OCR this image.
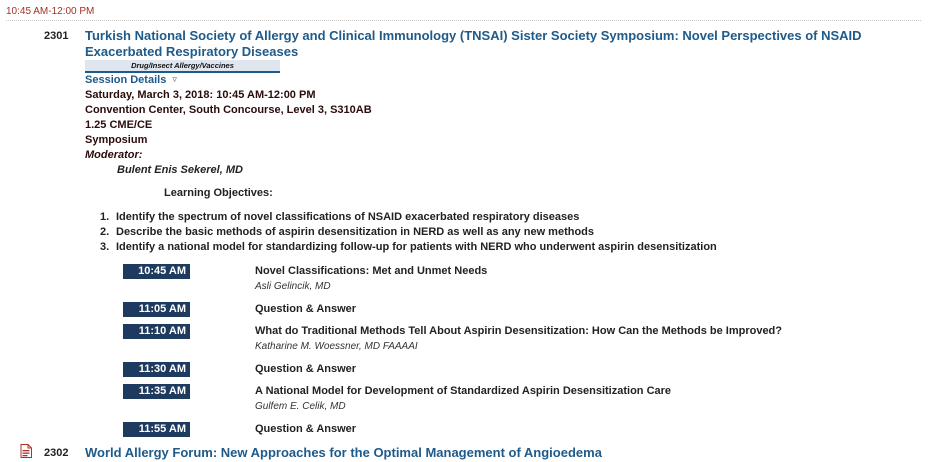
10:45 AM-12:00 PM
2301 Turkish National Society of Allergy and Clinical Immunology (TNSAI) Sister Society Symposium: Novel Perspectives of NSAID
Exacerbated Respiratory Diseases
Drug/Insect Allergy/Vaccines
Session Details ▿
Saturday, March 3, 2018: 10:45 AM-12:00 PM
Convention Center, South Concourse, Level 3, S310AB
1.25 CME/CE
Symposium
Moderator:
Bulent Enis Sekerel, MD
Learning Objectives:
1. Identify the spectrum of novel classifications of NSAID exacerbated respiratory diseases
2. Describe the basic methods of aspirin desensitization in NERD as well as any new methods
3. Identify a national model for standardizing follow-up for patients with NERD who underwent aspirin desensitization
10:45 AM	Novel Classifications: Met and Unmet Needs
Asli Gelincik, MD
11:05 AM	Question & Answer
11:10 AM	What do Traditional Methods Tell About Aspirin Desensitization: How Can the Methods be Improved?
Katharine M. Woessner, MD FAAAAI
11:30 AM	Question & Answer
11:35 AM	A National Model for Development of Standardized Aspirin Desensitization Care
Gulfem E. Celik, MD
11:55 AM	Question & Answer
2302 World Allergy Forum: New Approaches for the Optimal Management of Angioedema
